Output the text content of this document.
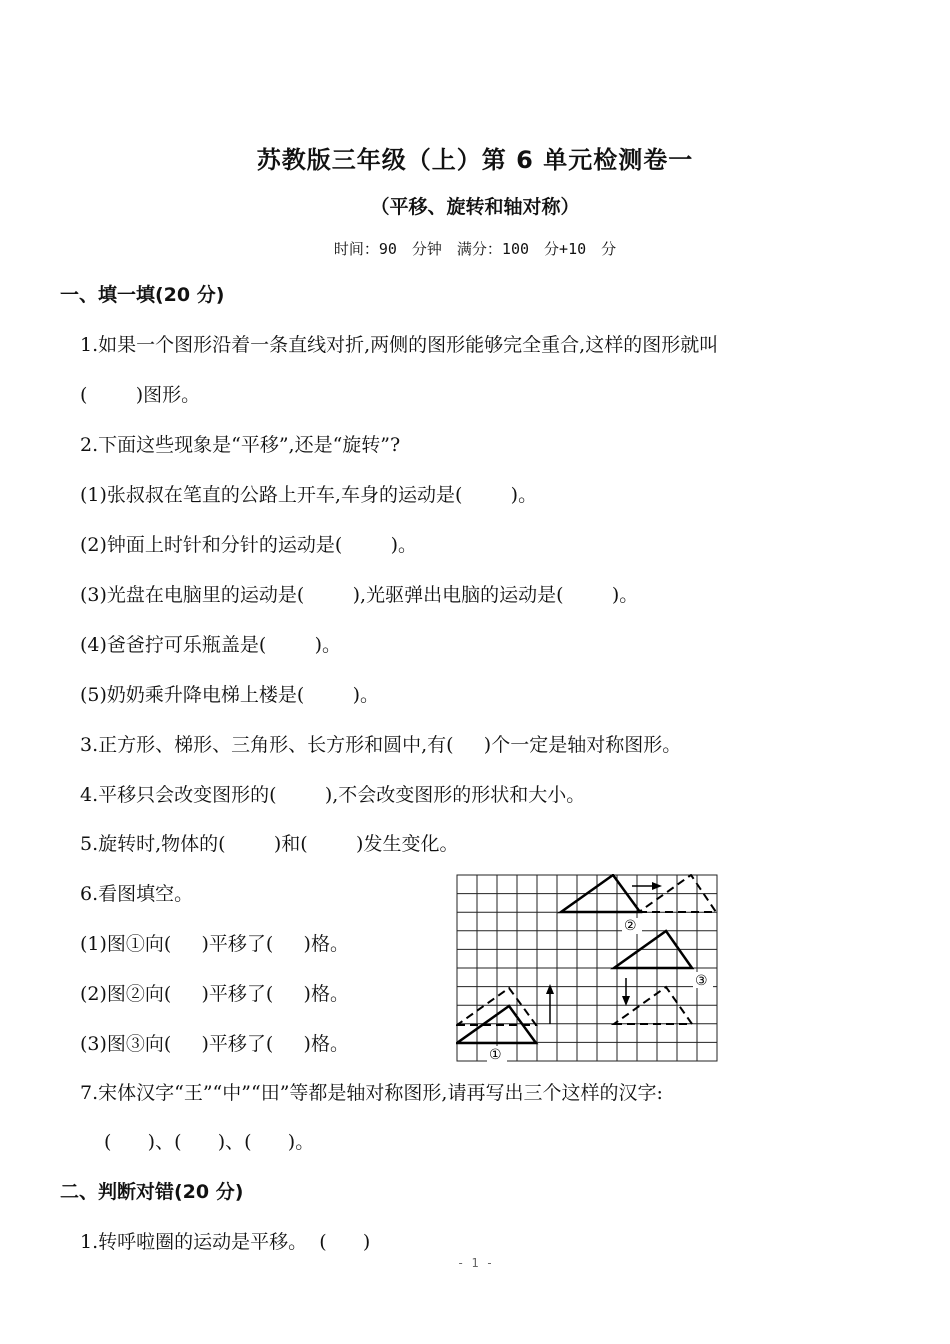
苏教版三年级（上）第 6 单元检测卷一
（平移、旋转和轴对称）
时间：90 分钟 满分：100 分+10 分
一、填一填(20 分)
1.如果一个图形沿着一条直线对折,两侧的图形能够完全重合,这样的图形就叫
(        )图形。
2.下面这些现象是“平移”,还是“旋转”?
(1)张叔叔在笔直的公路上开车,车身的运动是(        )。
(2)钟面上时针和分针的运动是(        )。
(3)光盘在电脑里的运动是(        ),光驱弹出电脑的运动是(        )。
(4)爸爸拧可乐瓶盖是(        )。
(5)奶奶乘升降电梯上楼是(        )。
3.正方形、梯形、三角形、长方形和圆中,有(     )个一定是轴对称图形。
4.平移只会改变图形的(        ),不会改变图形的形状和大小。
5.旋转时,物体的(        )和(        )发生变化。
6.看图填空。
(1)图①向(     )平移了(     )格。
(2)图②向(     )平移了(     )格。
(3)图③向(     )平移了(     )格。	①
②
③
7.宋体汉字“王”“中”“田”等都是轴对称图形,请再写出三个这样的汉字:
(      )、(      )、(      )。
二、判断对错(20 分)
1.转呼啦圈的运动是平移。  (      )
- 1 -
